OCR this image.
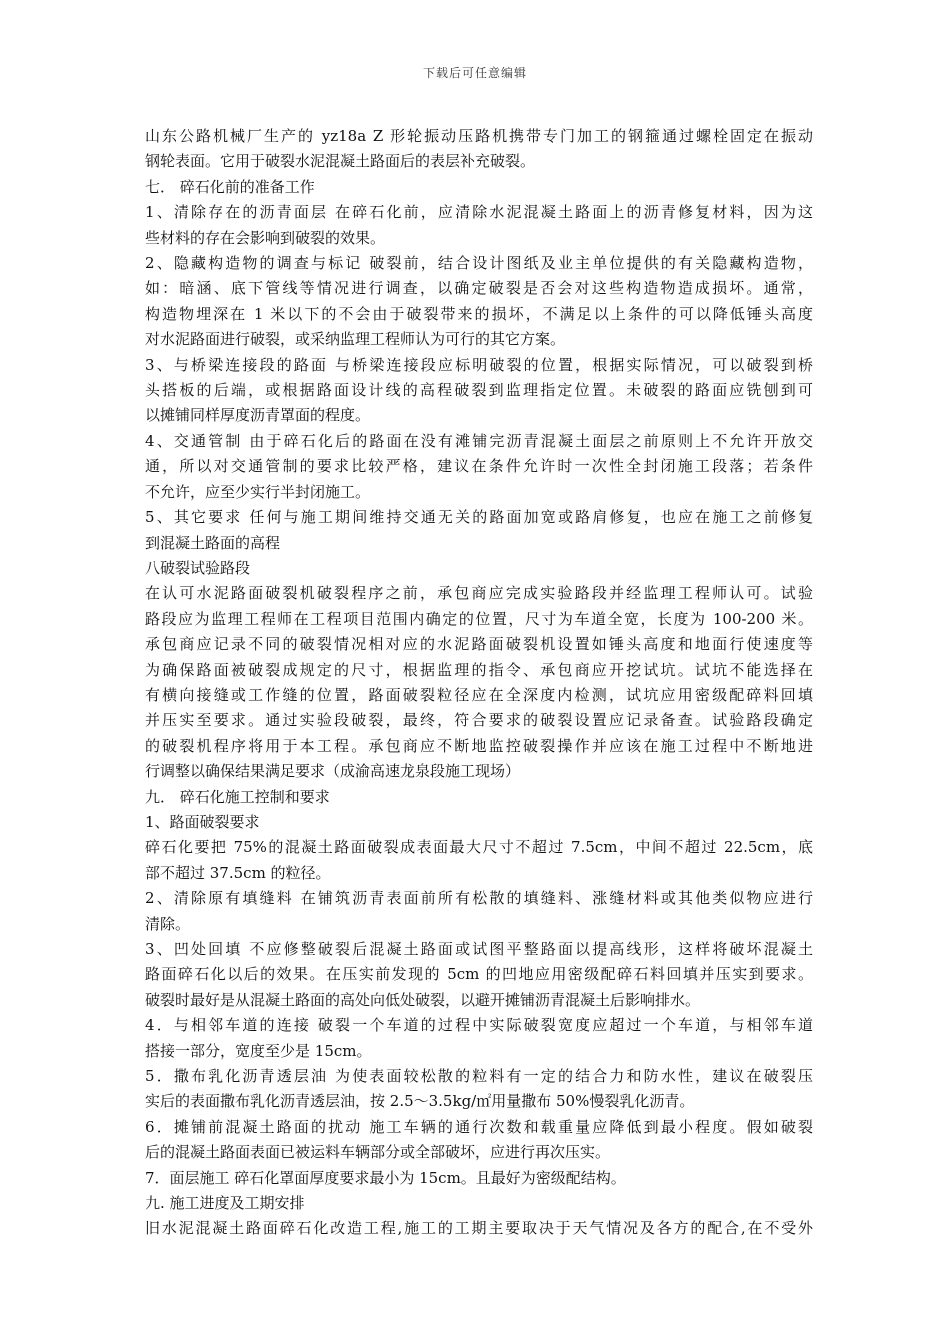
下载后可任意编辑
山东公路机械厂生产的 yz18a Z 形轮振动压路机携带专门加工的钢箍通过螺栓固定在振动
钢轮表面。它用于破裂水泥混凝土路面后的表层补充破裂。
七． 碎石化前的准备工作
1、清除存在的沥青面层 在碎石化前，应清除水泥混凝土路面上的沥青修复材料，因为这
些材料的存在会影响到破裂的效果。
2、隐藏构造物的调查与标记 破裂前，结合设计图纸及业主单位提供的有关隐藏构造物，
如：暗涵、底下管线等情况进行调查，以确定破裂是否会对这些构造物造成损坏。通常，
构造物埋深在 1 米以下的不会由于破裂带来的损坏，不满足以上条件的可以降低锤头高度
对水泥路面进行破裂，或采纳监理工程师认为可行的其它方案。
3、与桥梁连接段的路面 与桥梁连接段应标明破裂的位置，根据实际情况，可以破裂到桥
头搭板的后端，或根据路面设计线的高程破裂到监理指定位置。未破裂的路面应铣刨到可
以摊铺同样厚度沥青罩面的程度。
4、交通管制 由于碎石化后的路面在没有滩铺完沥青混凝土面层之前原则上不允许开放交
通，所以对交通管制的要求比较严格，建议在条件允许时一次性全封闭施工段落；若条件
不允许，应至少实行半封闭施工。
5、其它要求 任何与施工期间维持交通无关的路面加宽或路肩修复，也应在施工之前修复
到混凝土路面的高程
八破裂试验路段
在认可水泥路面破裂机破裂程序之前，承包商应完成实验路段并经监理工程师认可。试验
路段应为监理工程师在工程项目范围内确定的位置，尺寸为车道全宽，长度为 100-200 米。
承包商应记录不同的破裂情况相对应的水泥路面破裂机设置如锤头高度和地面行使速度等
为确保路面被破裂成规定的尺寸，根据监理的指令、承包商应开挖试坑。试坑不能选择在
有横向接缝或工作缝的位置，路面破裂粒径应在全深度内检测，试坑应用密级配碎料回填
并压实至要求。通过实验段破裂，最终，符合要求的破裂设置应记录备查。试验路段确定
的破裂机程序将用于本工程。承包商应不断地监控破裂操作并应该在施工过程中不断地进
行调整以确保结果满足要求（成渝高速龙泉段施工现场）
九． 碎石化施工控制和要求
1、路面破裂要求
碎石化要把 75%的混凝土路面破裂成表面最大尺寸不超过 7.5cm，中间不超过 22.5cm，底
部不超过 37.5cm 的粒径。
2、清除原有填缝料 在铺筑沥青表面前所有松散的填缝料、涨缝材料或其他类似物应进行
清除。
3、凹处回填 不应修整破裂后混凝土路面或试图平整路面以提高线形，这样将破坏混凝土
路面碎石化以后的效果。在压实前发现的 5cm 的凹地应用密级配碎石料回填并压实到要求。
破裂时最好是从混凝土路面的高处向低处破裂，以避开摊铺沥青混凝土后影响排水。
4．与相邻车道的连接 破裂一个车道的过程中实际破裂宽度应超过一个车道，与相邻车道
搭接一部分，宽度至少是 15cm。
5．撒布乳化沥青透层油 为使表面较松散的粒料有一定的结合力和防水性，建议在破裂压
实后的表面撒布乳化沥青透层油，按 2.5～3.5kg/㎡用量撒布 50%慢裂乳化沥青。
6．摊铺前混凝土路面的扰动 施工车辆的通行次数和载重量应降低到最小程度。假如破裂
后的混凝土路面表面已被运料车辆部分或全部破坏，应进行再次压实。
7．面层施工 碎石化罩面厚度要求最小为 15cm。且最好为密级配结构。
九. 施工进度及工期安排
旧水泥混凝土路面碎石化改造工程,施工的工期主要取决于天气情况及各方的配合,在不受外
